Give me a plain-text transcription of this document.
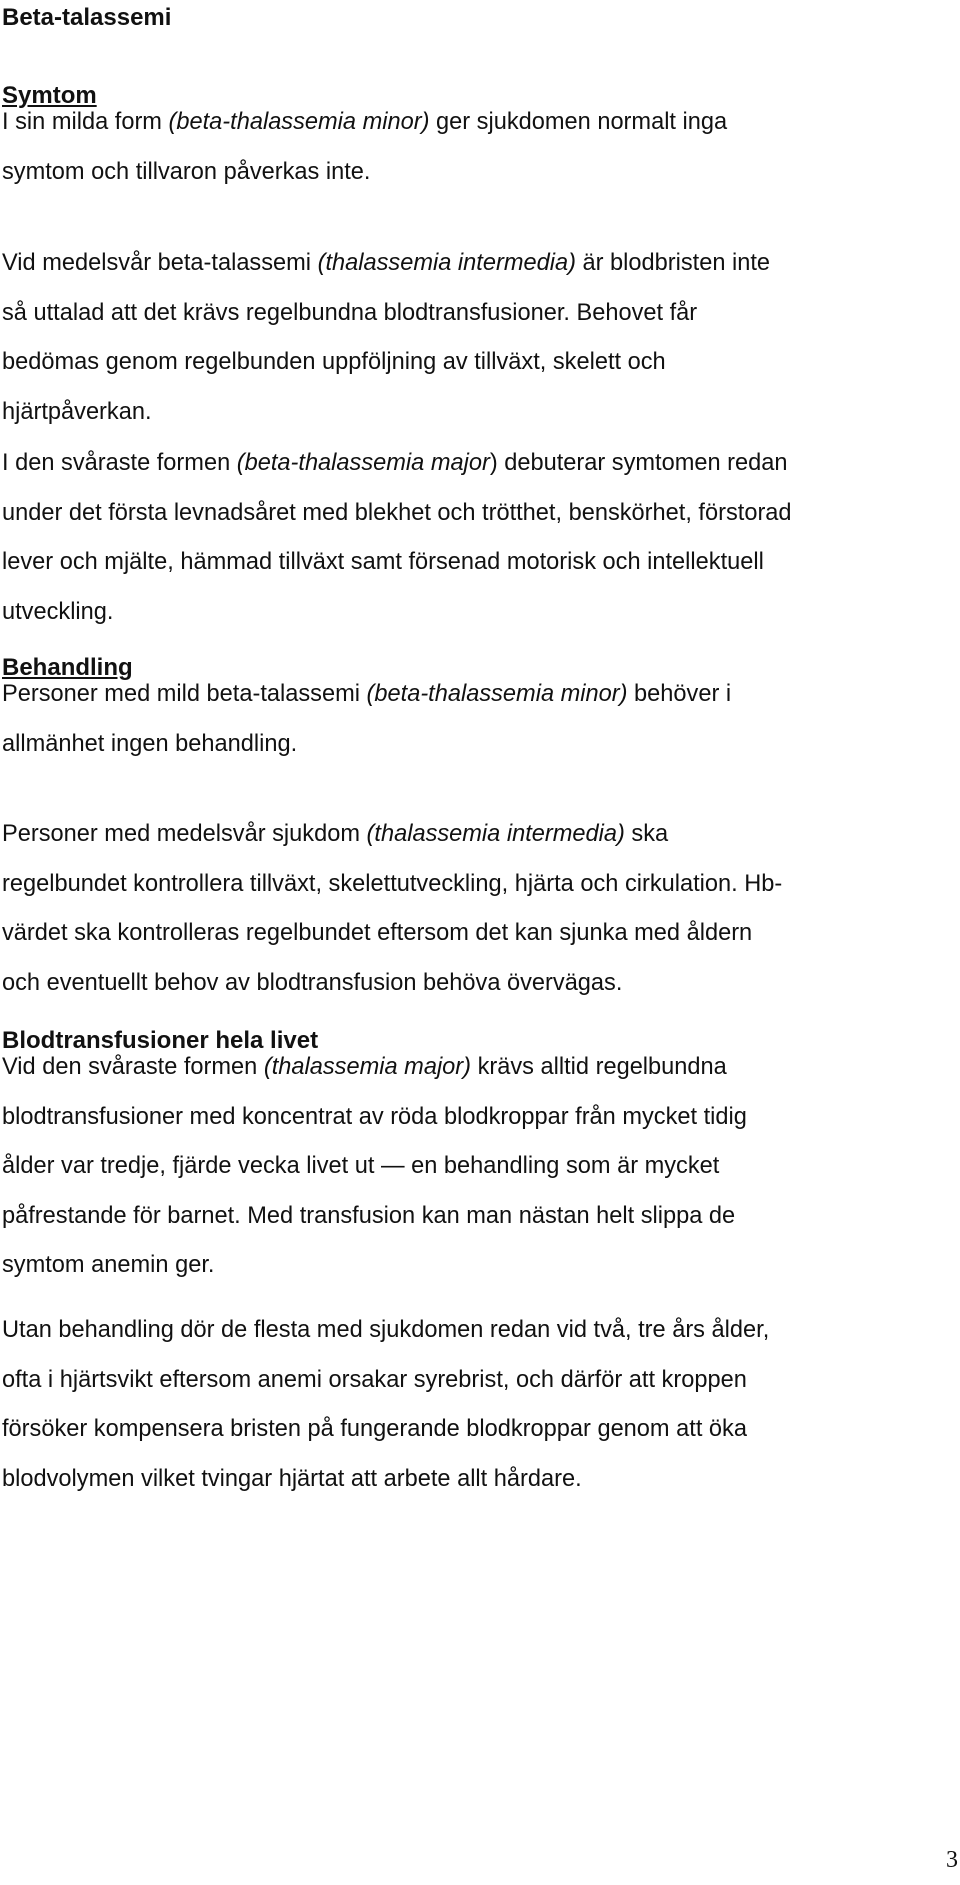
Beta-talassemi
Symtom

I sin milda form (beta-thalassemia minor) ger sjukdomen normalt inga
symtom och tillvaron påverkas inte.

Vid medelsvår beta-talassemi (thalassemia intermedia) är blodbristen inte
så uttalad att det krävs regelbundna blodtransfusioner. Behovet får
bedömas genom regelbunden uppföljning av tillväxt, skelett och
hjärtpåverkan.

I den svåraste formen (beta-thalassemia major) debuterar symtomen redan
under det första levnadsåret med blekhet och trötthet, benskörhet, förstorad
lever och mjälte, hämmad tillväxt samt försenad motorisk och intellektuell
utveckling.

Behandling

Personer med mild beta-talassemi (beta-thalassemia minor) behöver i
allmänhet ingen behandling.

Personer med medelsvår sjukdom (thalassemia intermedia) ska
regelbundet kontrollera tillväxt, skelettutveckling, hjärta och cirkulation. Hb-
värdet ska kontrolleras regelbundet eftersom det kan sjunka med åldern
och eventuellt behov av blodtransfusion behöva övervägas.

Blodtransfusioner hela livet

Vid den svåraste formen (thalassemia major) krävs alltid regelbundna
blodtransfusioner med koncentrat av röda blodkroppar från mycket tidig
ålder var tredje, fjärde vecka livet ut — en behandling som är mycket
påfrestande för barnet. Med transfusion kan man nästan helt slippa de
symtom anemin ger.

Utan behandling dör de flesta med sjukdomen redan vid två, tre års ålder,
ofta i hjärtsvikt eftersom anemi orsakar syrebrist, och därför att kroppen
försöker kompensera bristen på fungerande blodkroppar genom att öka
blodvolymen vilket tvingar hjärtat att arbete allt hårdare.

3
